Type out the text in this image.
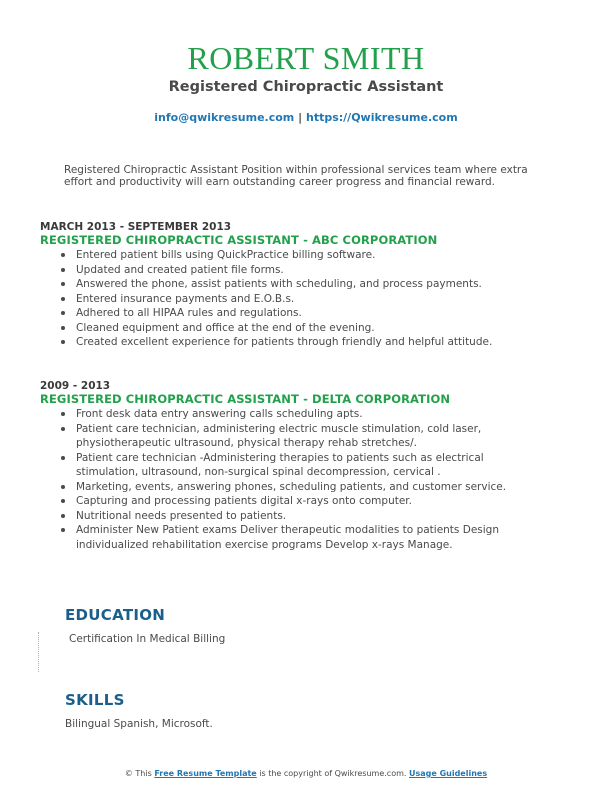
ROBERT SMITH
Registered Chiropractic Assistant
info@qwikresume.com | https://Qwikresume.com
Registered Chiropractic Assistant Position within professional services team where extra effort and productivity will earn outstanding career progress and financial reward.
MARCH 2013 - SEPTEMBER 2013
REGISTERED CHIROPRACTIC ASSISTANT - ABC CORPORATION
Entered patient bills using QuickPractice billing software.
Updated and created patient file forms.
Answered the phone, assist patients with scheduling, and process payments.
Entered insurance payments and E.O.B.s.
Adhered to all HIPAA rules and regulations.
Cleaned equipment and office at the end of the evening.
Created excellent experience for patients through friendly and helpful attitude.
2009 - 2013
REGISTERED CHIROPRACTIC ASSISTANT - DELTA CORPORATION
Front desk data entry answering calls scheduling apts.
Patient care technician, administering electric muscle stimulation, cold laser, physiotherapeutic ultrasound, physical therapy rehab stretches/.
Patient care technician -Administering therapies to patients such as electrical stimulation, ultrasound, non-surgical spinal decompression, cervical .
Marketing, events, answering phones, scheduling patients, and customer service.
Capturing and processing patients digital x-rays onto computer.
Nutritional needs presented to patients.
Administer New Patient exams Deliver therapeutic modalities to patients Design individualized rehabilitation exercise programs Develop x-rays Manage.
EDUCATION
Certification In Medical Billing
SKILLS
Bilingual Spanish, Microsoft.
© This Free Resume Template is the copyright of Qwikresume.com. Usage Guidelines
